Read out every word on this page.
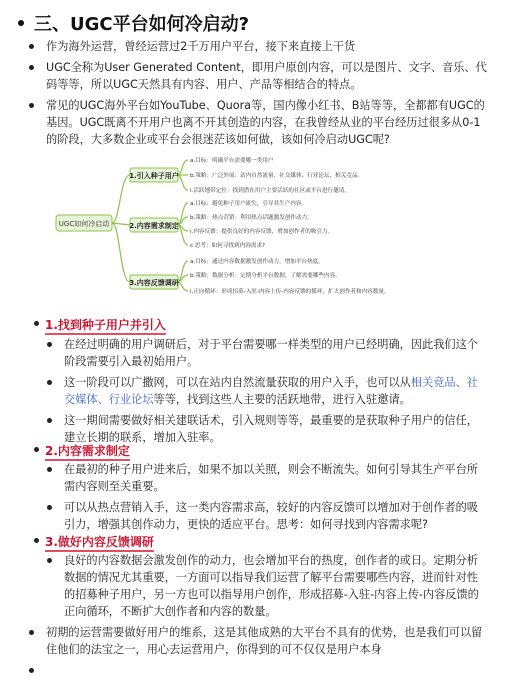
三、UGC平台如何冷启动?
作为海外运营，曾经运营过2千万用户平台，接下来直接上干货
UGC全称为User Generated Content，即用户原创内容，可以是图片、文字、音乐、代码等等，所以UGC天然具有内容、用户、产品等相结合的特点。
常见的UGC海外平台如YouTube、Quora等，国内像小红书、B站等等，全都都有UGC的基因。UGC既离不开用户也离不开其创造的内容，在我曾经从业的平台经历过很多从0-1的阶段，大多数企业或平台会很迷茫该如何做，该如何冷启动UGC呢?
UGC如何冷启动
1.引入种子用户
2.内容需求制定
3.内容反馈调研
a.目标：明确平台需要哪一类用户
b.策略：广泛外展：站内自然流量、社交媒体、行业论坛、相关竞品。
i.活跃地带定位：找到潜在用户主要活跃的社区或平台进行邀请。
a.目标：避免种子用户流失，引导其生产内容。
b.策略：热点营销：利用热点话题激发创作动力。
i.内容反馈：提供良好的内容反馈，增加创作者的吸引力。
c.思考：如何寻找到内容需求?
a.目标：通过内容数据激发创作动力，增加平台热度。
b.策略：数据分析：定期分析平台数据，了解需要哪些内容。
i.正向循环：形成招募-入驻-内容上传-内容反馈的循环，扩大创作者和内容数量。
1.找到种子用户并引入
在经过明确的用户调研后，对于平台需要哪一样类型的用户已经明确，因此我们这个阶段需要引入最初始用户。
这一阶段可以广撒网，可以在站内自然流量获取的用户入手，也可以从相关竞品、社交媒体、行业论坛等等，找到这些人主要的活跃地带，进行入驻邀请。
这一期间需要做好相关建联话术，引入规则等等，最重要的是获取种子用户的信任，建立长期的联系，增加入驻率。
2.内容需求制定
在最初的种子用户进来后，如果不加以关照，则会不断流失。如何引导其生产平台所需内容则至关重要。
可以从热点营销入手，这一类内容需求高，较好的内容反馈可以增加对于创作者的吸引力，增强其创作动力，更快的适应平台。思考：如何寻找到内容需求呢?
3.做好内容反馈调研
良好的内容数据会激发创作的动力，也会增加平台的热度，创作者的或日。定期分析数据的情况尤其重要，一方面可以指导我们运营了解平台需要哪些内容，进而针对性的招募种子用户，另一方也可以指导用户创作，形成招募-入驻-内容上传-内容反馈的正向循环，不断扩大创作者和内容的数量。
初期的运营需要做好用户的维系，这是其他成熟的大平台不具有的优势，也是我们可以留住他们的法宝之一，用心去运营用户，你得到的可不仅仅是用户本身
